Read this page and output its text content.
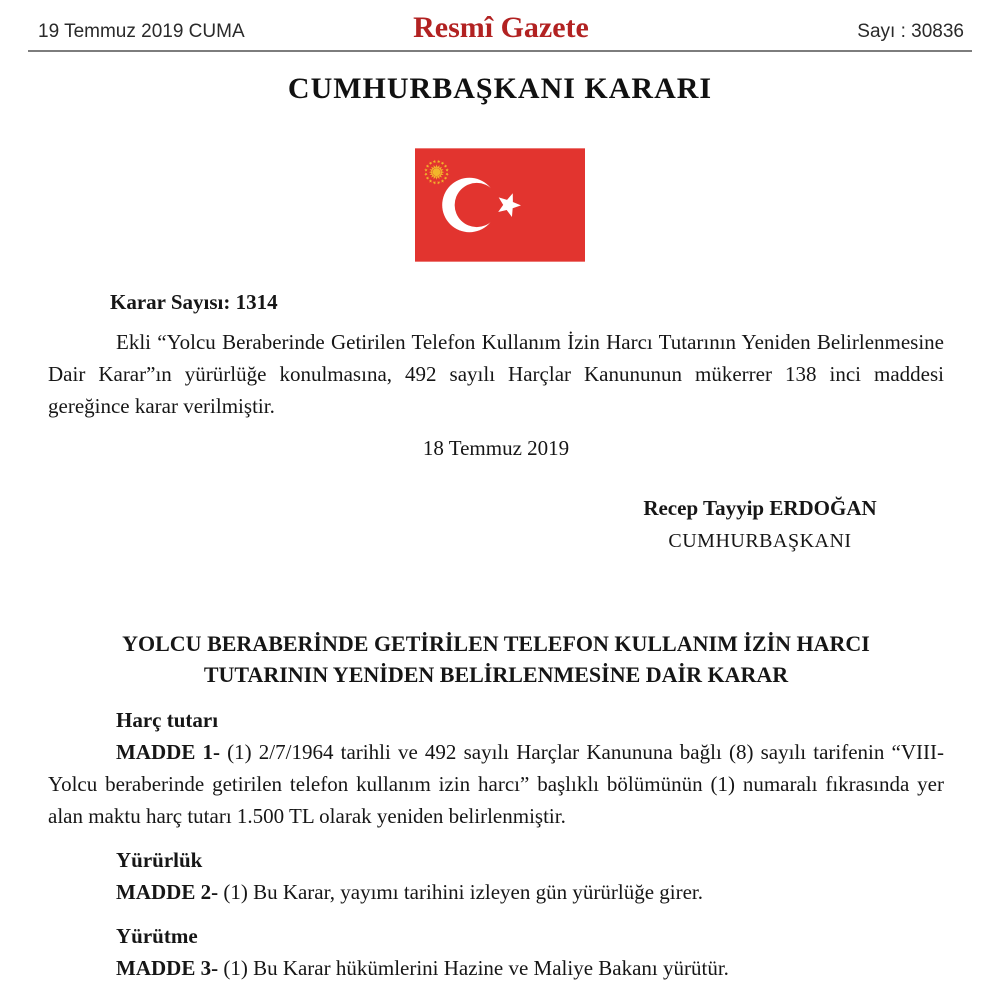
19 Temmuz 2019 CUMA	Resmî Gazete	Sayı : 30836
CUMHURBAŞKANI KARARI

Karar Sayısı: 1314

Ekli “Yolcu Beraberinde Getirilen Telefon Kullanım İzin Harcı Tutarının Yeniden Belirlenmesine Dair Karar”ın yürürlüğe konulmasına, 492 sayılı Harçlar Kanununun mükerrer 138 inci maddesi gereğince karar verilmiştir.

18 Temmuz 2019

Recep Tayyip ERDOĞAN
CUMHURBAŞKANI
YOLCU BERABERİNDE GETİRİLEN TELEFON KULLANIM İZİN HARCI TUTARININ YENİDEN BELİRLENMESİNE DAİR KARAR

Harç tutarı

MADDE 1- (1) 2/7/1964 tarihli ve 492 sayılı Harçlar Kanununa bağlı (8) sayılı tarifenin “VIII- Yolcu beraberinde getirilen telefon kullanım izin harcı” başlıklı bölümünün (1) numaralı fıkrasında yer alan maktu harç tutarı 1.500 TL olarak yeniden belirlenmiştir.

Yürürlük

MADDE 2- (1) Bu Karar, yayımı tarihini izleyen gün yürürlüğe girer.

Yürütme

MADDE 3- (1) Bu Karar hükümlerini Hazine ve Maliye Bakanı yürütür.
